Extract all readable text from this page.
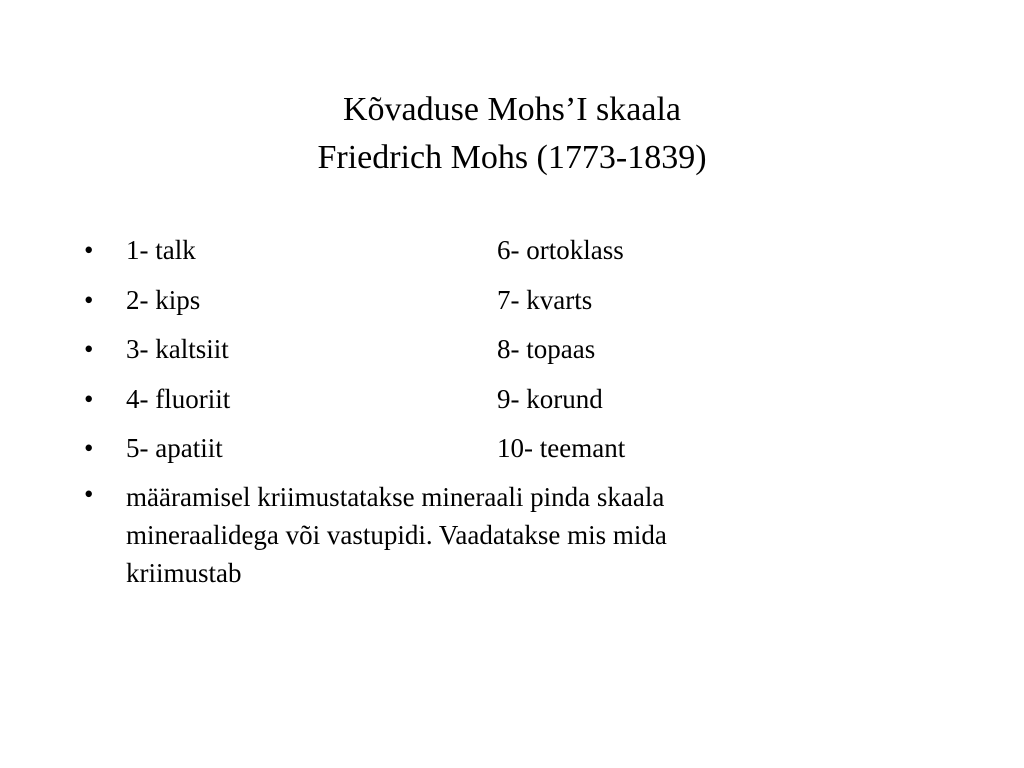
Kõvaduse Mohs’I skaala
Friedrich Mohs (1773-1839)
•	1- talk	6- ortoklass
•	2- kips	7- kvarts
•	3- kaltsiit	8- topaas
•	4- fluoriit	9- korund
•	5- apatiit	10- teemant
•	määramisel kriimustatakse mineraali pinda skaala
mineraalidega või vastupidi. Vaadatakse mis mida
kriimustab
